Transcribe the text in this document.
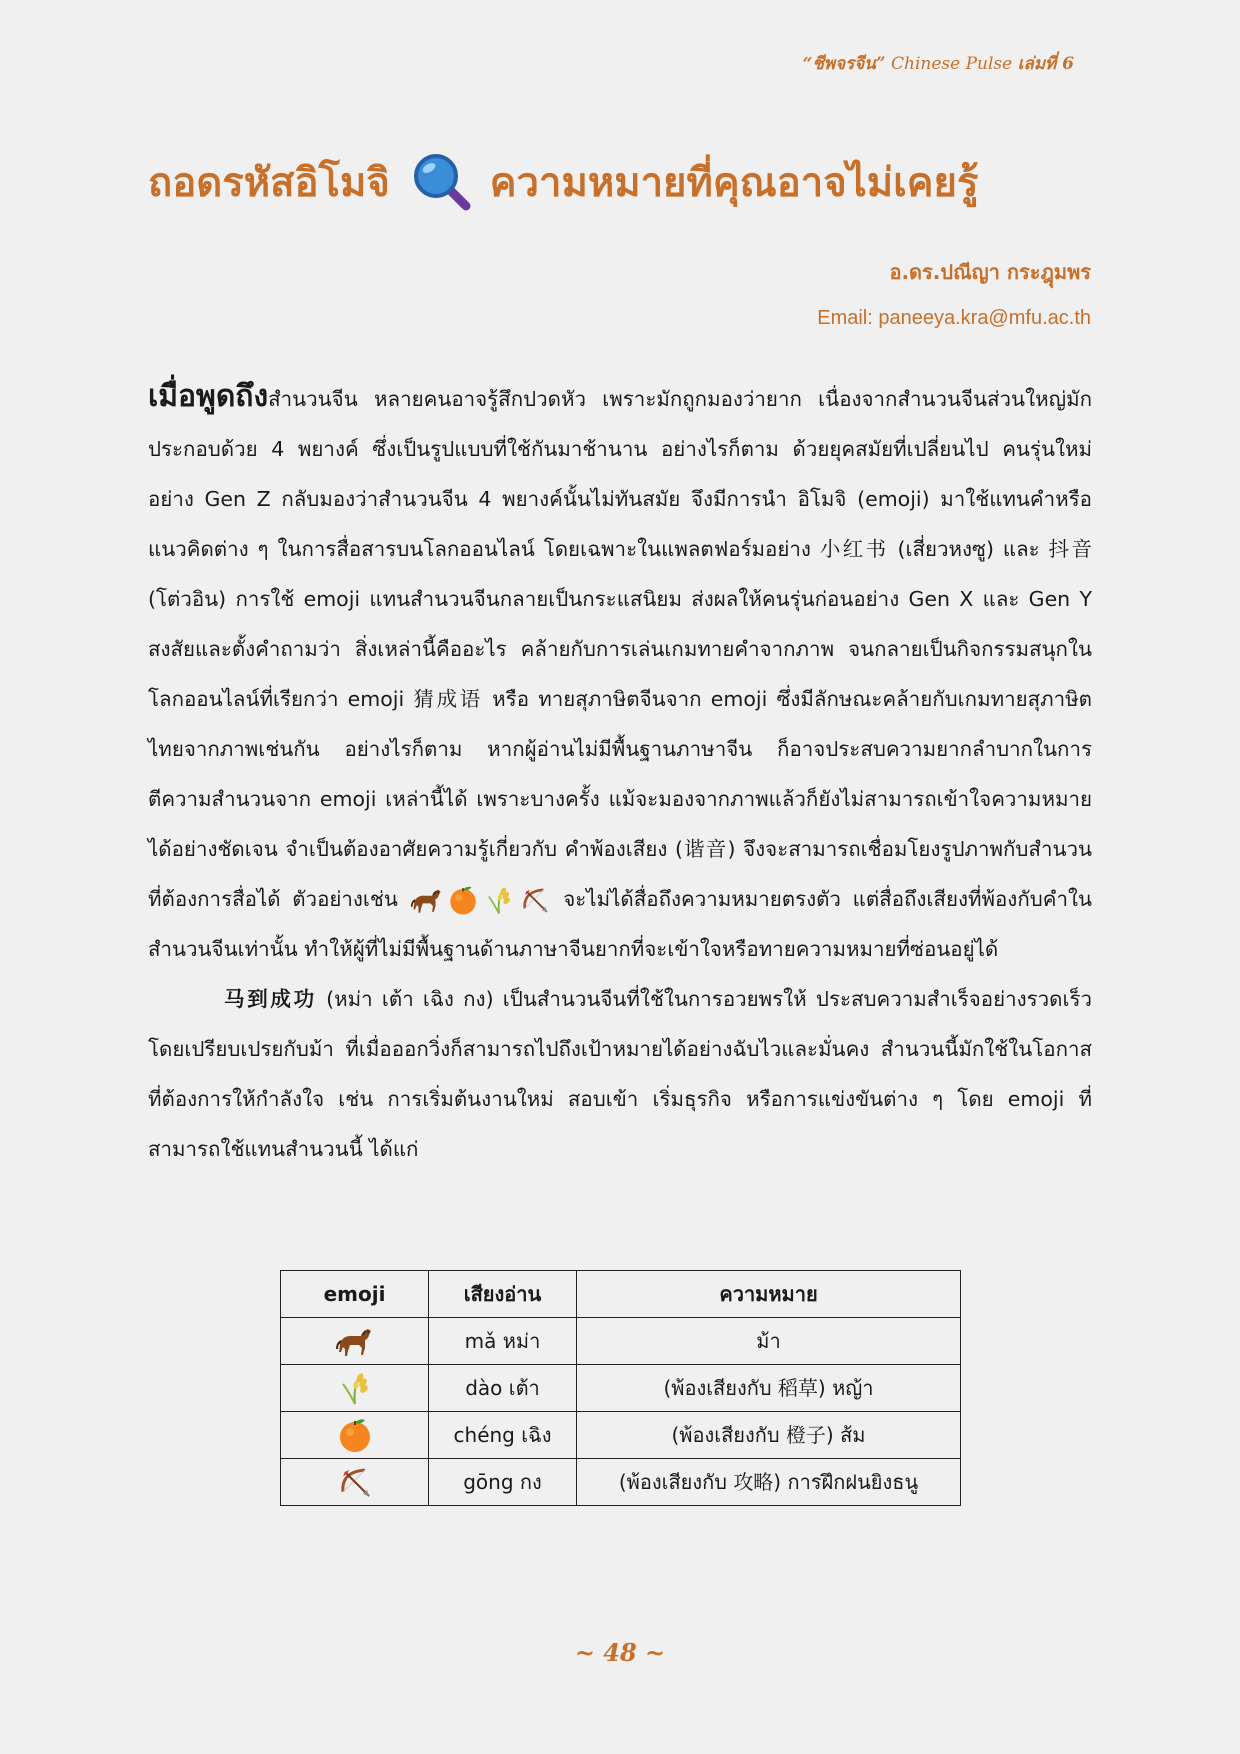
“ชีพจรจีน” Chinese Pulse เล่มที่ 6
ถอดรหัสอิโมจิ	ความหมายที่คุณอาจไม่เคยรู้
อ.ดร.ปณีญา กระฎุมพร
Email: paneeya.kra@mfu.ac.th

เมื่อพูดถึงสำนวนจีน หลายคนอาจรู้สึกปวดหัว เพราะมักถูกมองว่ายาก เนื่องจากสำนวนจีนส่วนใหญ่มักประกอบด้วย 4 พยางค์ ซึ่งเป็นรูปแบบที่ใช้กันมาช้านาน อย่างไรก็ตาม ด้วยยุคสมัยที่เปลี่ยนไป คนรุ่นใหม่อย่าง Gen Z กลับมองว่าสำนวนจีน 4 พยางค์นั้นไม่ทันสมัย จึงมีการนำ อิโมจิ (emoji) มาใช้แทนคำหรือแนวคิดต่าง ๆ ในการสื่อสารบนโลกออนไลน์ โดยเฉพาะในแพลตฟอร์มอย่าง 小红书 (เสี่ยวหงซู) และ 抖音 (โต่วอิน) การใช้ emoji แทนสำนวนจีนกลายเป็นกระแสนิยม ส่งผลให้คนรุ่นก่อนอย่าง Gen X และ Gen Y สงสัยและตั้งคำถามว่า สิ่งเหล่านี้คืออะไร คล้ายกับการเล่นเกมทายคำจากภาพ จนกลายเป็นกิจกรรมสนุกในโลกออนไลน์ที่เรียกว่า emoji 猜成语 หรือ ทายสุภาษิตจีนจาก emoji ซึ่งมีลักษณะคล้ายกับเกมทายสุภาษิตไทยจากภาพเช่นกัน อย่างไรก็ตาม หากผู้อ่านไม่มีพื้นฐานภาษาจีน ก็อาจประสบความยากลำบากในการตีความสำนวนจาก emoji เหล่านี้ได้ เพราะบางครั้ง แม้จะมองจากภาพแล้วก็ยังไม่สามารถเข้าใจความหมายได้อย่างชัดเจน จำเป็นต้องอาศัยความรู้เกี่ยวกับ คำพ้องเสียง (谐音) จึงจะสามารถเชื่อมโยงรูปภาพกับสำนวนที่ต้องการสื่อได้ ตัวอย่างเช่น	จะไม่ได้สื่อถึงความหมายตรงตัว แต่สื่อถึงเสียงที่พ้องกับคำในสำนวนจีนเท่านั้น ทำให้ผู้ที่ไม่มีพื้นฐานด้านภาษาจีนยากที่จะเข้าใจหรือทายความหมายที่ซ่อนอยู่ได้

马到成功 (หม่า เต้า เฉิง กง) เป็นสำนวนจีนที่ใช้ในการอวยพรให้ ประสบความสำเร็จอย่างรวดเร็ว โดยเปรียบเปรยกับม้า ที่เมื่อออกวิ่งก็สามารถไปถึงเป้าหมายได้อย่างฉับไวและมั่นคง สำนวนนี้มักใช้ในโอกาสที่ต้องการให้กำลังใจ เช่น การเริ่มต้นงานใหม่ สอบเข้า เริ่มธุรกิจ หรือการแข่งขันต่าง ๆ โดย emoji ที่สามารถใช้แทนสำนวนนี้ ได้แก่

emoji	เสียงอ่าน	ความหมาย
	mǎ หม่า	ม้า
	dào เต้า	(พ้องเสียงกับ 稻草) หญ้า
	chéng เฉิง	(พ้องเสียงกับ 橙子) ส้ม
	gōng กง	(พ้องเสียงกับ 攻略) การฝึกฝนยิงธนู
~ 48 ~
